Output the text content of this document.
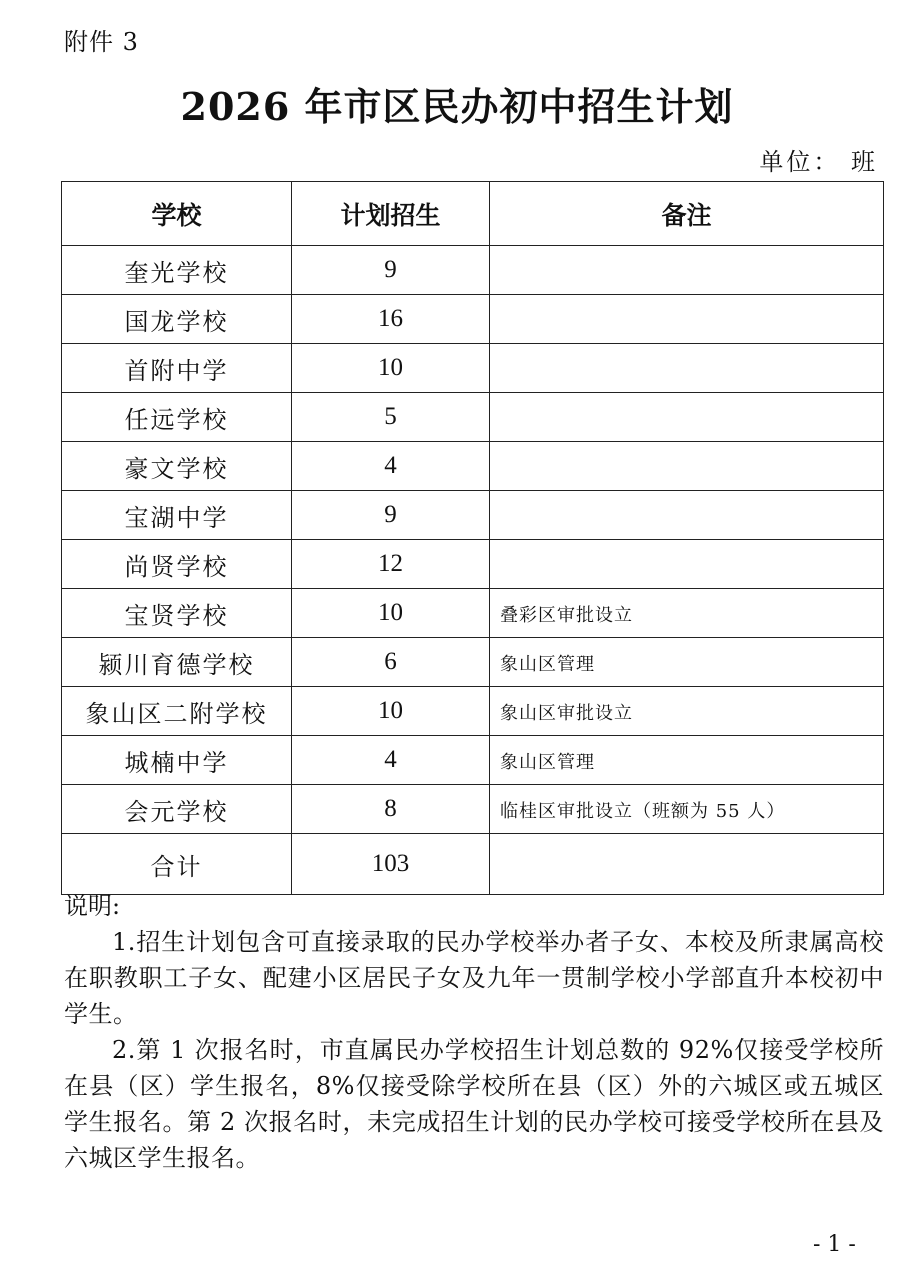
附件 3
2026 年市区民办初中招生计划
单位： 班
学校	计划招生	备注
奎光学校	9	
国龙学校	16	
首附中学	10	
任远学校	5	
豪文学校	4	
宝湖中学	9	
尚贤学校	12	
宝贤学校	10	叠彩区审批设立
颍川育德学校	6	象山区管理
象山区二附学校	10	象山区审批设立
城楠中学	4	象山区管理
会元学校	8	临桂区审批设立（班额为 55 人）
合计	103	
说明:

1.招生计划包含可直接录取的民办学校举办者子女、本校及所隶属高校在职教职工子女、配建小区居民子女及九年一贯制学校小学部直升本校初中学生。

2.第 1 次报名时，市直属民办学校招生计划总数的 92%仅接受学校所在县（区）学生报名，8%仅接受除学校所在县（区）外的六城区或五城区学生报名。第 2 次报名时，未完成招生计划的民办学校可接受学校所在县及六城区学生报名。

- 1 -
